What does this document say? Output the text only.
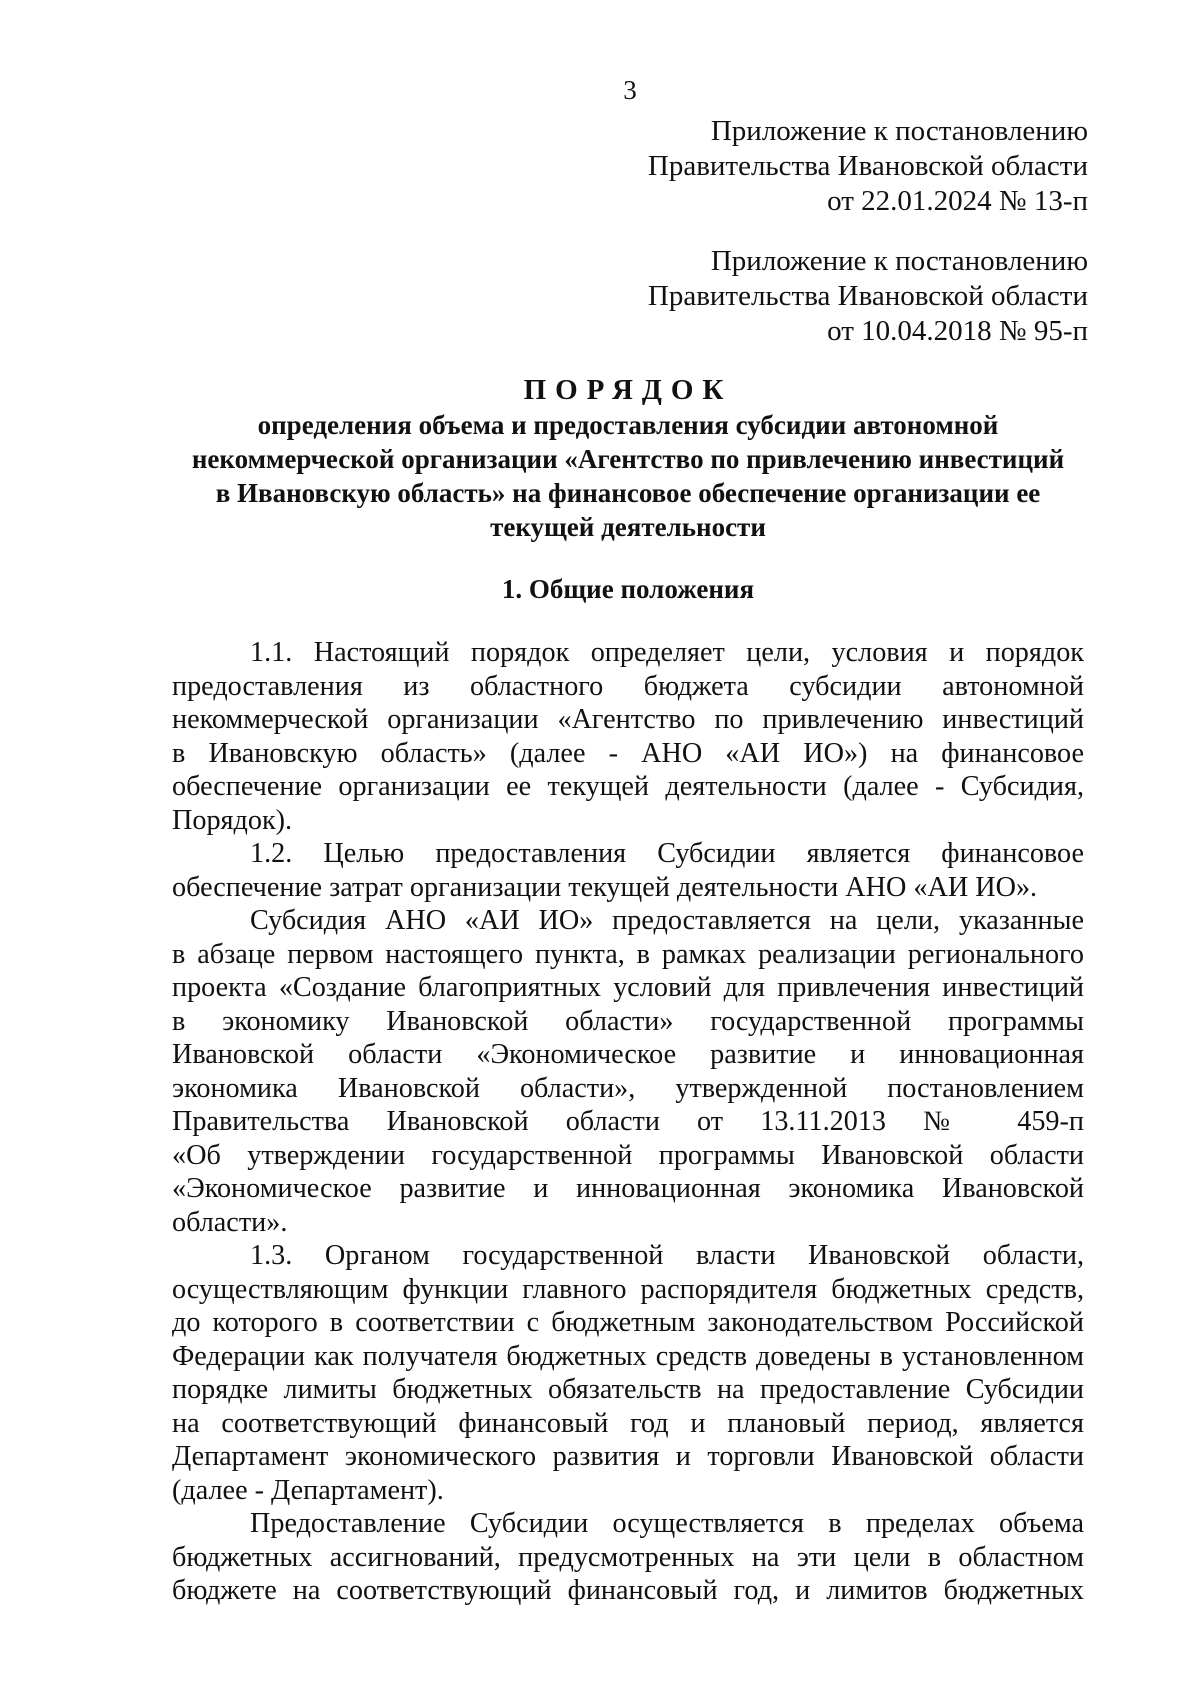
3
Приложение к постановлению
Правительства Ивановской области
от 22.01.2024 № 13-п
Приложение к постановлению
Правительства Ивановской области
от 10.04.2018 № 95-п
ПОРЯДОК
определения объема и предоставления субсидии автономной
некоммерческой организации «Агентство по привлечению инвестиций
в Ивановскую область» на финансовое обеспечение организации ее
текущей деятельности
1. Общие положения
1.1. Настоящий порядок определяет цели, условия и порядок
предоставления из областного бюджета субсидии автономной
некоммерческой организации «Агентство по привлечению инвестиций
в Ивановскую область» (далее - АНО «АИ ИО») на финансовое
обеспечение организации ее текущей деятельности (далее - Субсидия,
Порядок).
1.2. Целью предоставления Субсидии является финансовое
обеспечение затрат организации текущей деятельности АНО «АИ ИО».
Субсидия АНО «АИ ИО» предоставляется на цели, указанные
в абзаце первом настоящего пункта, в рамках реализации регионального
проекта «Создание благоприятных условий для привлечения инвестиций
в экономику Ивановской области» государственной программы
Ивановской области «Экономическое развитие и инновационная
экономика Ивановской области», утвержденной постановлением
Правительства Ивановской области от 13.11.2013 № 459-п
«Об утверждении государственной программы Ивановской области
«Экономическое развитие и инновационная экономика Ивановской
области».
1.3. Органом государственной власти Ивановской области,
осуществляющим функции главного распорядителя бюджетных средств,
до которого в соответствии с бюджетным законодательством Российской
Федерации как получателя бюджетных средств доведены в установленном
порядке лимиты бюджетных обязательств на предоставление Субсидии
на соответствующий финансовый год и плановый период, является
Департамент экономического развития и торговли Ивановской области
(далее - Департамент).
Предоставление Субсидии осуществляется в пределах объема
бюджетных ассигнований, предусмотренных на эти цели в областном
бюджете на соответствующий финансовый год, и лимитов бюджетных
